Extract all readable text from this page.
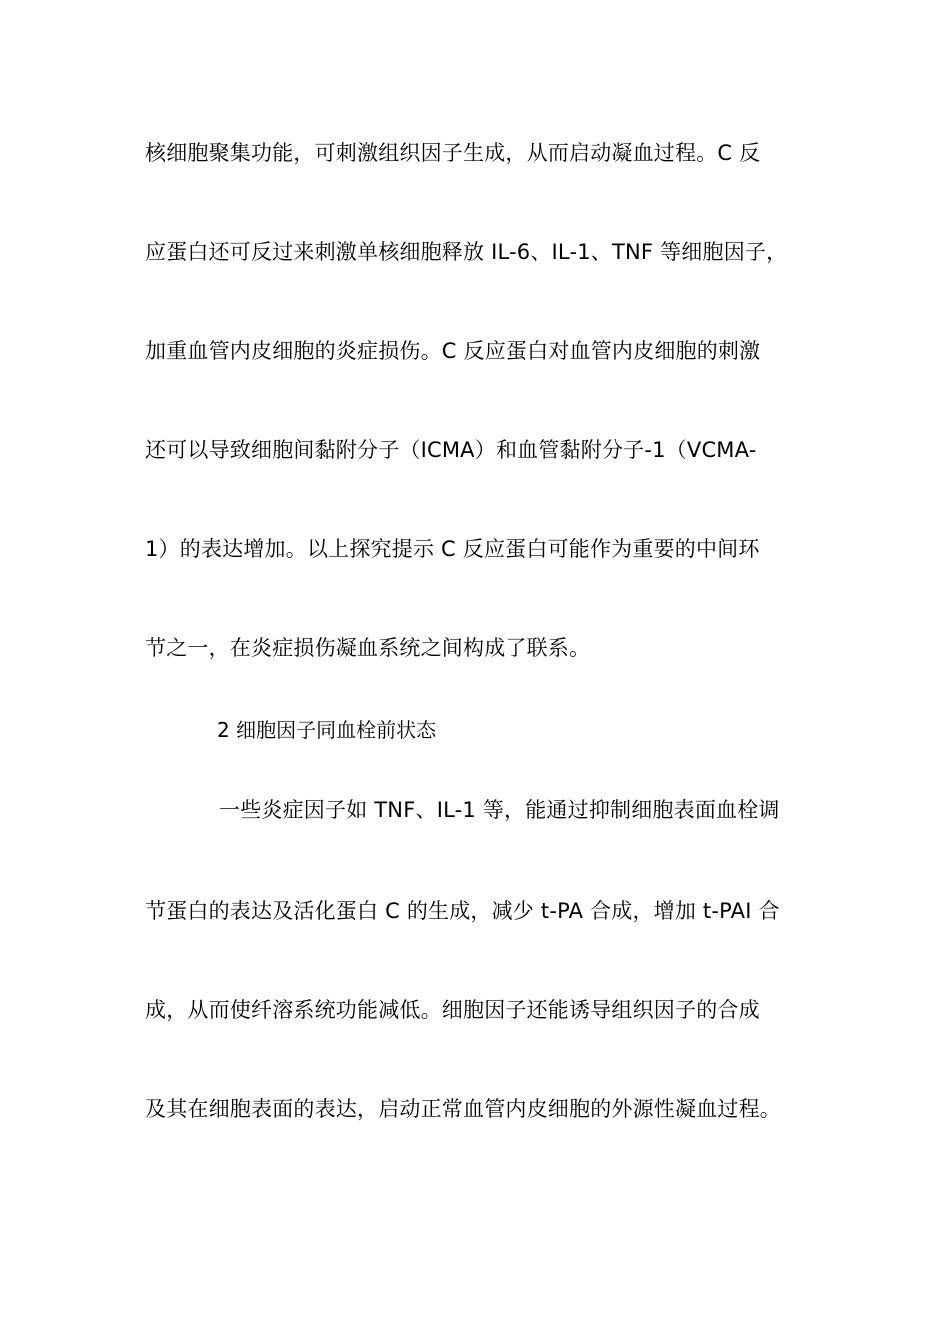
核细胞聚集功能，可刺激组织因子生成，从而启动凝血过程。C 反
应蛋白还可反过来刺激单核细胞释放 IL-6、IL-1、TNF 等细胞因子，
加重血管内皮细胞的炎症损伤。C 反应蛋白对血管内皮细胞的刺激
还可以导致细胞间黏附分子（ICMA）和血管黏附分子-1（VCMA-
1）的表达增加。以上探究提示 C 反应蛋白可能作为重要的中间环
节之一，在炎症损伤凝血系统之间构成了联系。
2 细胞因子同血栓前状态
一些炎症因子如 TNF、IL-1 等，能通过抑制细胞表面血栓调
节蛋白的表达及活化蛋白 C 的生成，减少 t-PA 合成，增加 t-PAI 合
成，从而使纤溶系统功能减低。细胞因子还能诱导组织因子的合成
及其在细胞表面的表达，启动正常血管内皮细胞的外源性凝血过程。
